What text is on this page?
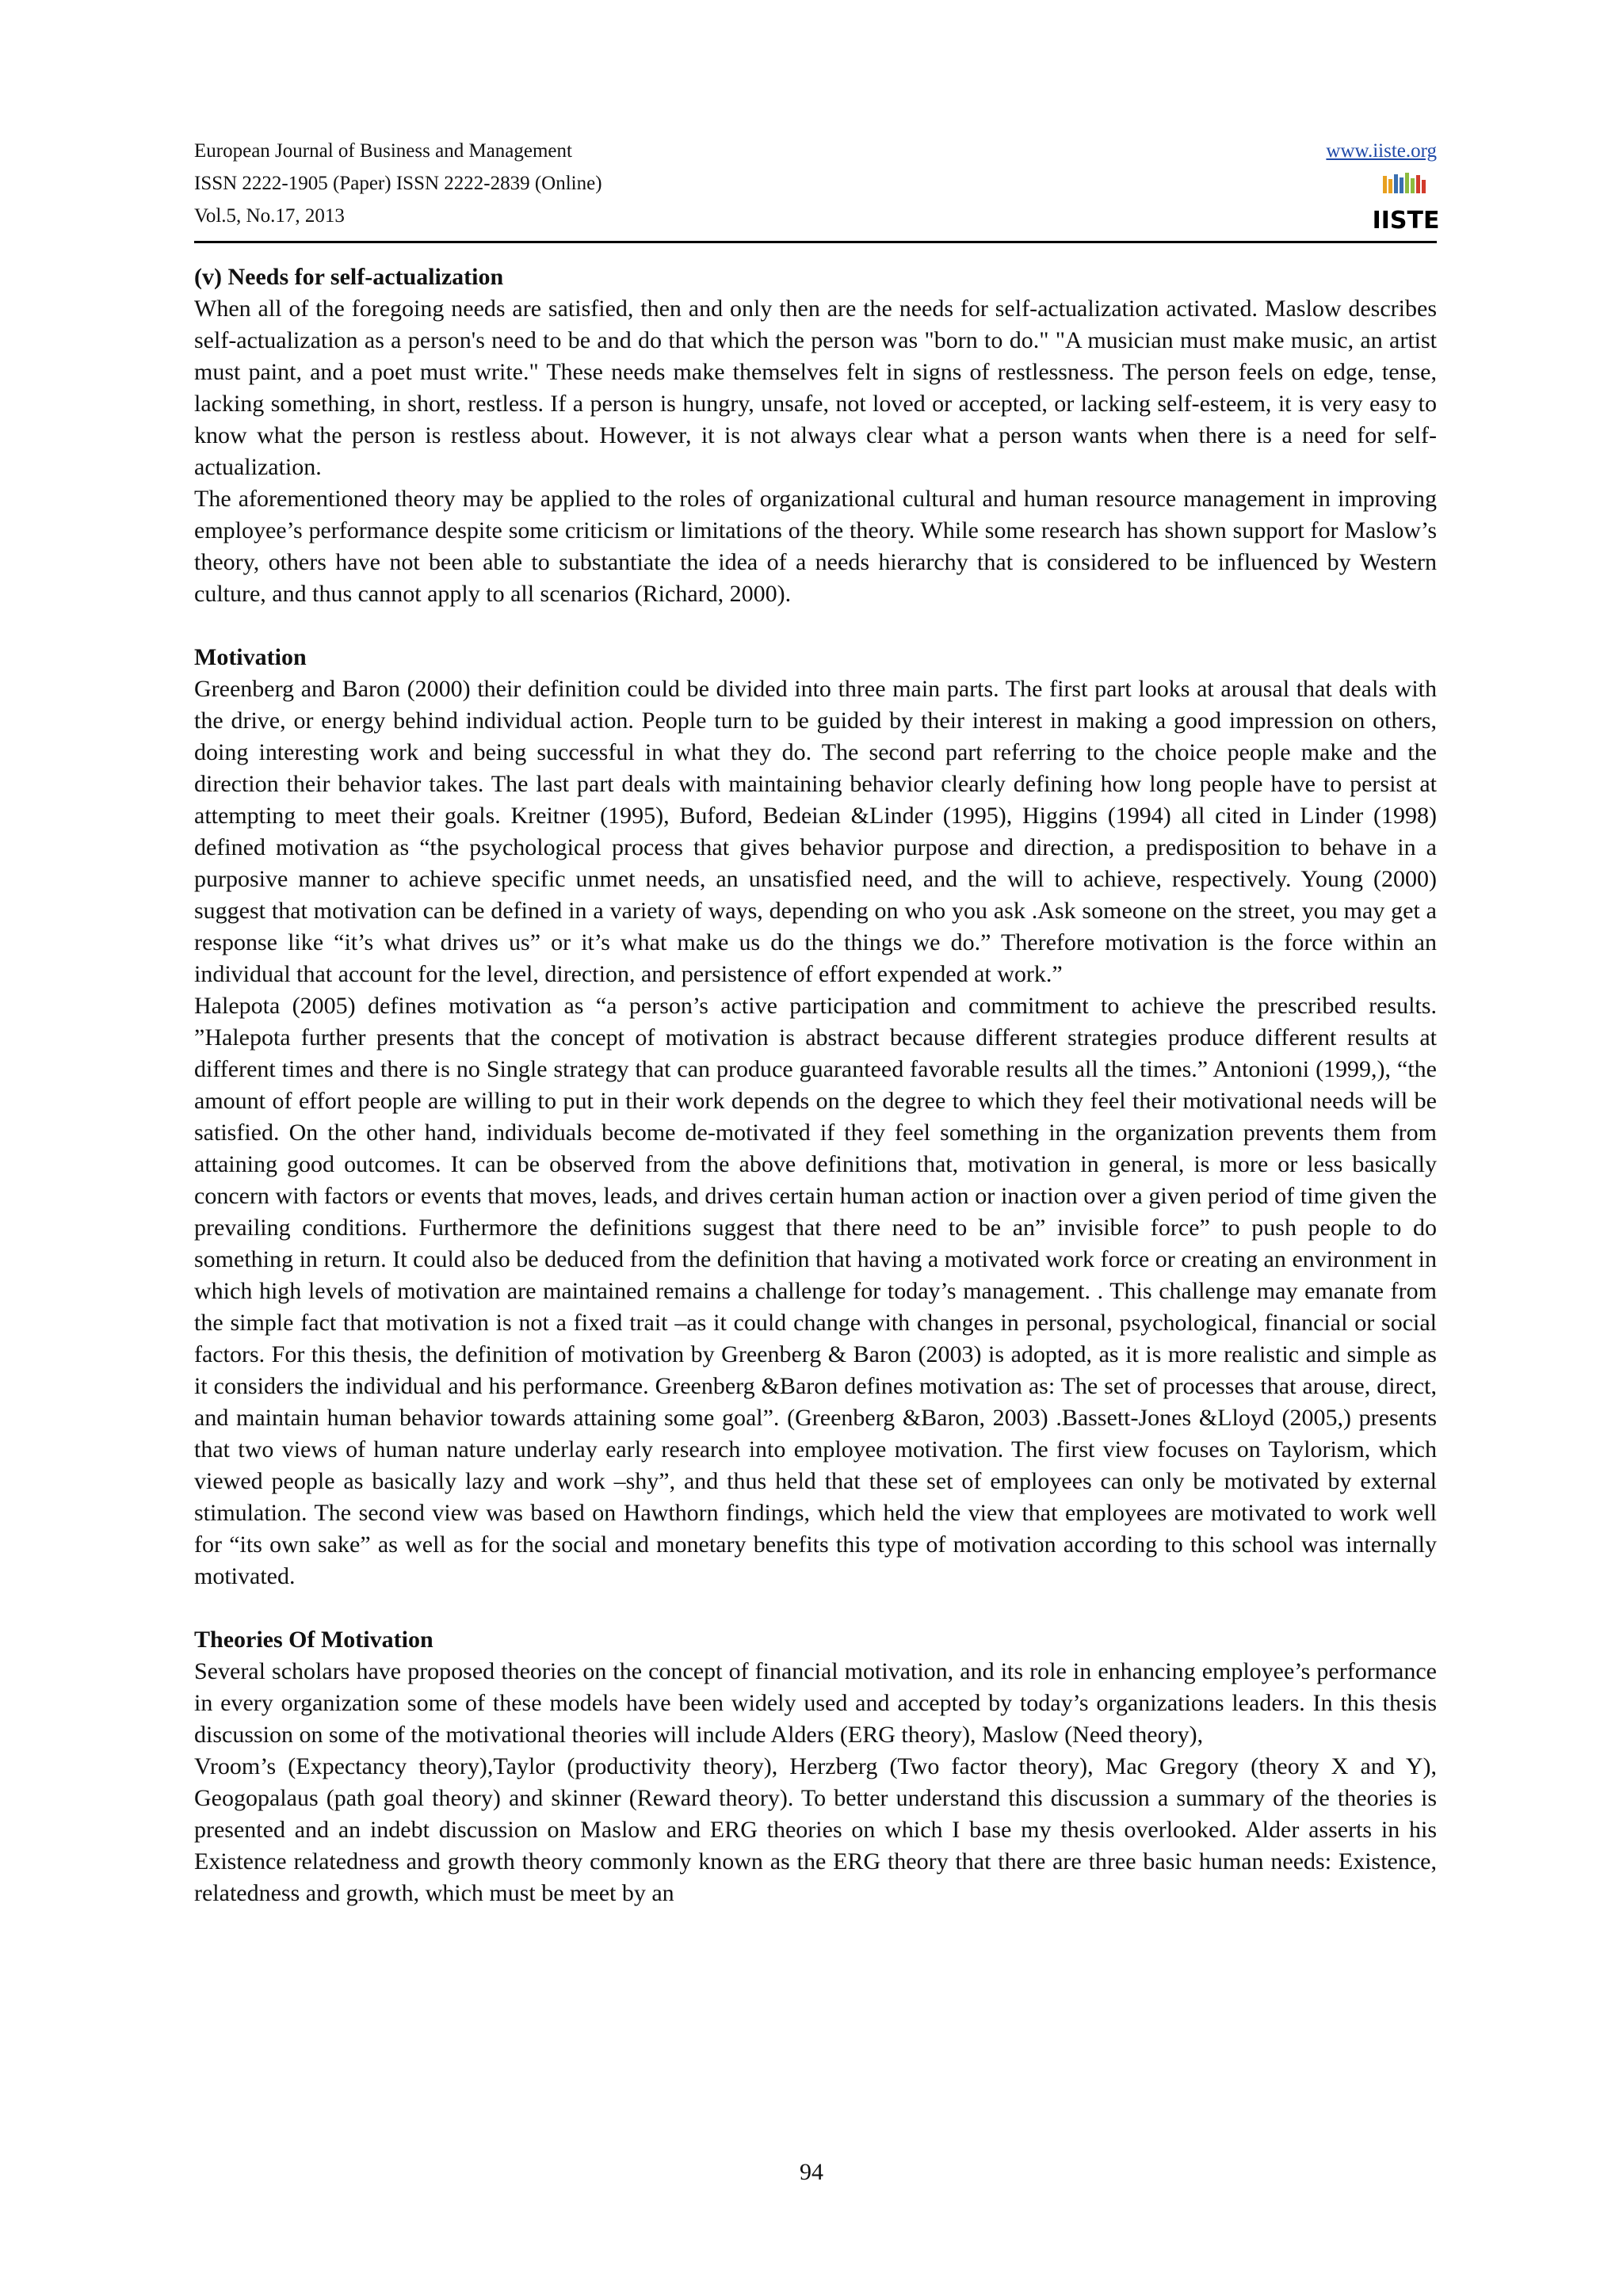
European Journal of Business and Management
ISSN 2222-1905 (Paper) ISSN 2222-2839 (Online)
Vol.5, No.17, 2013
www.iiste.org
IISTE

(v) Needs for self-actualization

When all of the foregoing needs are satisfied, then and only then are the needs for self-actualization activated. Maslow describes self-actualization as a person's need to be and do that which the person was "born to do." "A musician must make music, an artist must paint, and a poet must write." These needs make themselves felt in signs of restlessness. The person feels on edge, tense, lacking something, in short, restless. If a person is hungry, unsafe, not loved or accepted, or lacking self-esteem, it is very easy to know what the person is restless about. However, it is not always clear what a person wants when there is a need for self-actualization.

The aforementioned theory may be applied to the roles of organizational cultural and human resource management in improving employee’s performance despite some criticism or limitations of the theory. While some research has shown support for Maslow’s theory, others have not been able to substantiate the idea of a needs hierarchy that is considered to be influenced by Western culture, and thus cannot apply to all scenarios (Richard, 2000).

Motivation

Greenberg and Baron (2000) their definition could be divided into three main parts. The first part looks at arousal that deals with the drive, or energy behind individual action. People turn to be guided by their interest in making a good impression on others, doing interesting work and being successful in what they do. The second part referring to the choice people make and the direction their behavior takes. The last part deals with maintaining behavior clearly defining how long people have to persist at attempting to meet their goals. Kreitner (1995), Buford, Bedeian &Linder (1995), Higgins (1994) all cited in Linder (1998) defined motivation as “the psychological process that gives behavior purpose and direction, a predisposition to behave in a purposive manner to achieve specific unmet needs, an unsatisfied need, and the will to achieve, respectively. Young (2000) suggest that motivation can be defined in a variety of ways, depending on who you ask .Ask someone on the street, you may get a response like “it’s what drives us” or it’s what make us do the things we do.” Therefore motivation is the force within an individual that account for the level, direction, and persistence of effort expended at work.”

Halepota (2005) defines motivation as “a person’s active participation and commitment to achieve the prescribed results. ”Halepota further presents that the concept of motivation is abstract because different strategies produce different results at different times and there is no Single strategy that can produce guaranteed favorable results all the times.” Antonioni (1999,), “the amount of effort people are willing to put in their work depends on the degree to which they feel their motivational needs will be satisfied. On the other hand, individuals become de-motivated if they feel something in the organization prevents them from attaining good outcomes. It can be observed from the above definitions that, motivation in general, is more or less basically concern with factors or events that moves, leads, and drives certain human action or inaction over a given period of time given the prevailing conditions. Furthermore the definitions suggest that there need to be an” invisible force” to push people to do something in return. It could also be deduced from the definition that having a motivated work force or creating an environment in which high levels of motivation are maintained remains a challenge for today’s management. . This challenge may emanate from the simple fact that motivation is not a fixed trait –as it could change with changes in personal, psychological, financial or social factors. For this thesis, the definition of motivation by Greenberg & Baron (2003) is adopted, as it is more realistic and simple as it considers the individual and his performance. Greenberg &Baron defines motivation as: The set of processes that arouse, direct, and maintain human behavior towards attaining some goal”. (Greenberg &Baron, 2003) .Bassett-Jones &Lloyd (2005,) presents that two views of human nature underlay early research into employee motivation. The first view focuses on Taylorism, which viewed people as basically lazy and work –shy”, and thus held that these set of employees can only be motivated by external stimulation. The second view was based on Hawthorn findings, which held the view that employees are motivated to work well for “its own sake” as well as for the social and monetary benefits this type of motivation according to this school was internally motivated.

Theories Of Motivation

Several scholars have proposed theories on the concept of financial motivation, and its role in enhancing employee’s performance in every organization some of these models have been widely used and accepted by today’s organizations leaders. In this thesis discussion on some of the motivational theories will include Alders (ERG theory), Maslow (Need theory),

Vroom’s (Expectancy theory),Taylor (productivity theory), Herzberg (Two factor theory), Mac Gregory (theory X and Y), Geogopalaus (path goal theory) and skinner (Reward theory). To better understand this discussion a summary of the theories is presented and an indebt discussion on Maslow and ERG theories on which I base my thesis overlooked. Alder asserts in his Existence relatedness and growth theory commonly known as the ERG theory that there are three basic human needs: Existence, relatedness and growth, which must be meet by an

94
